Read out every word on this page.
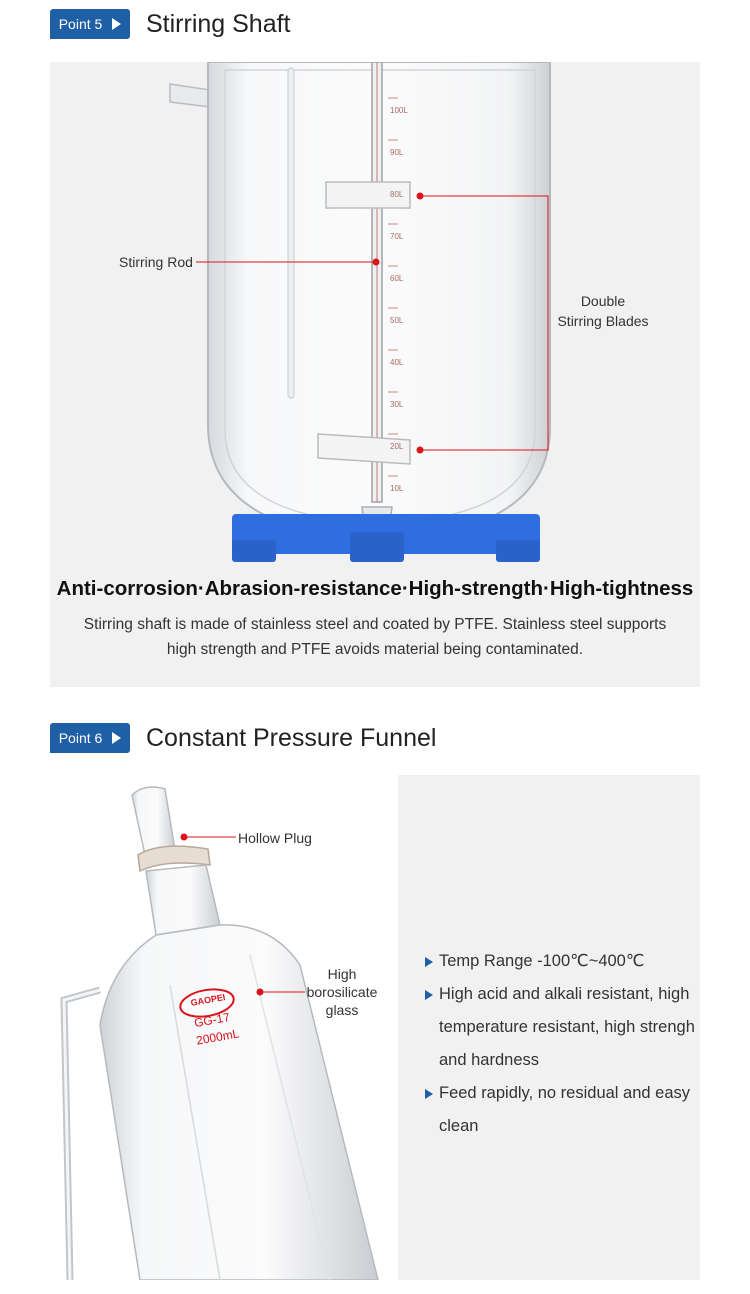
Point 5 Stirring Shaft
100L
90L
80L
70L
60L
50L
40L
30L
20L
10L
Stirring Rod
Double
Stirring Blades
Anti-corrosion·Abrasion-resistance·High-strength·High-tightness
Stirring shaft is made of stainless steel and coated by PTFE. Stainless steel supports high strength and PTFE avoids material being contaminated.
Point 6 Constant Pressure Funnel
GAOPEI
GG-17
2000mL
Hollow Plug
High
borosilicate
glass
Temp Range -100℃~400℃
High acid and alkali resistant, high temperature resistant, high strengh and hardness
Feed rapidly, no residual and easy clean
